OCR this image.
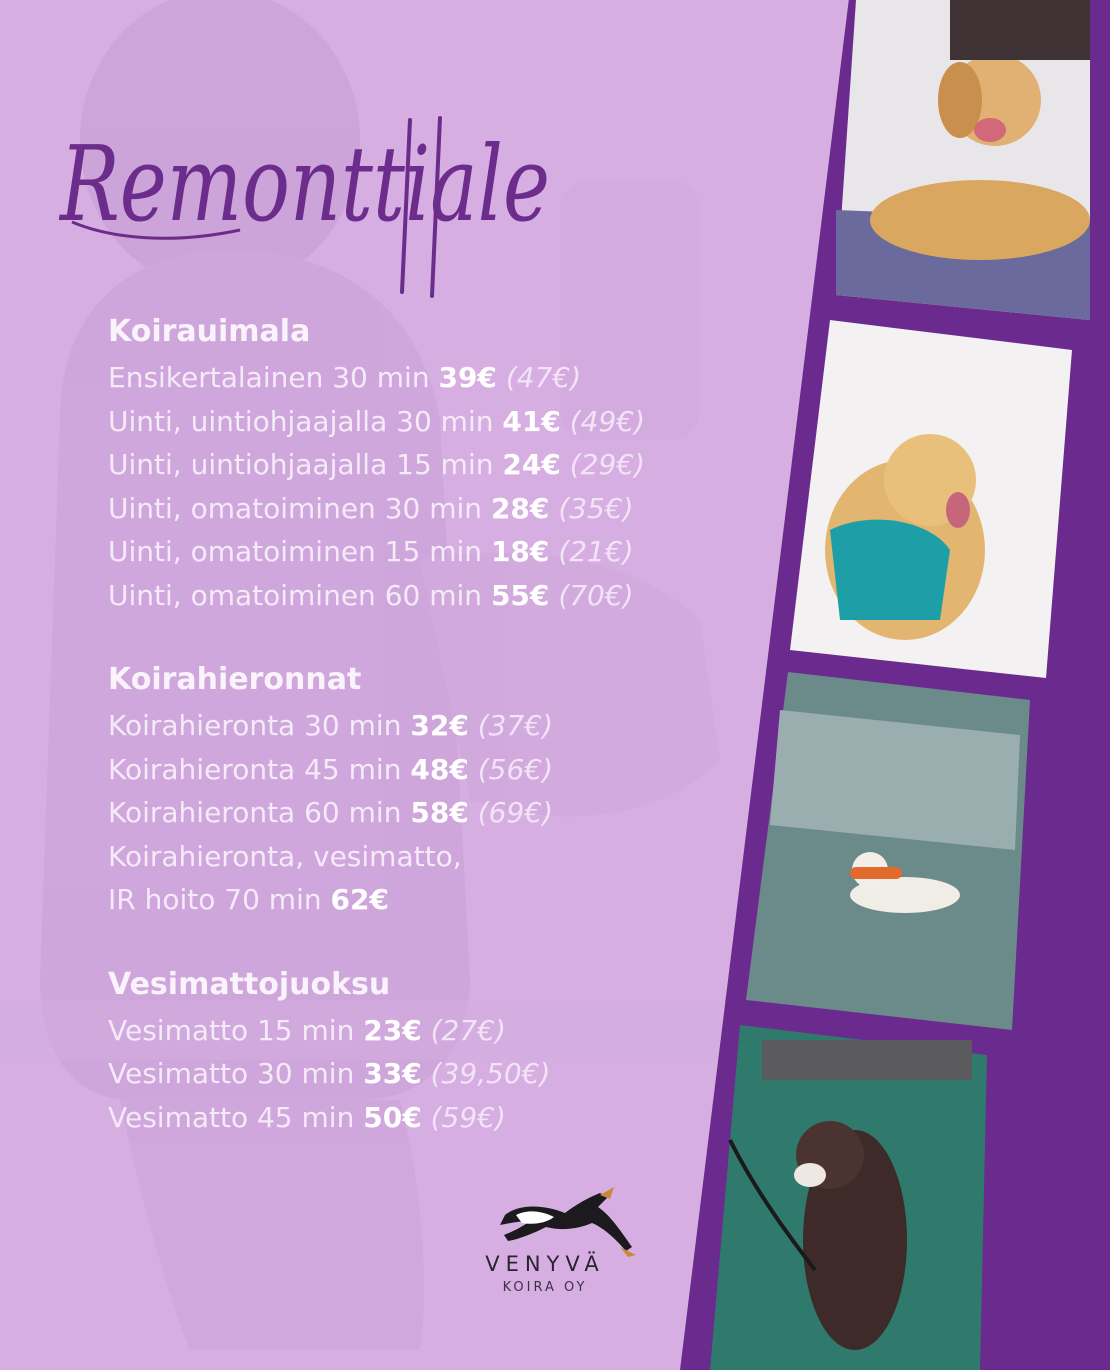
Remonttiale
Koirauimala
Ensikertalainen 30 min 39€ (47€)
Uinti, uintiohjaajalla 30 min 41€ (49€)
Uinti, uintiohjaajalla 15 min 24€ (29€)
Uinti, omatoiminen 30 min 28€ (35€)
Uinti, omatoiminen 15 min 18€ (21€)
Uinti, omatoiminen 60 min 55€ (70€)
Koirahieronnat
Koirahieronta 30 min 32€ (37€)
Koirahieronta 45 min 48€ (56€)
Koirahieronta 60 min 58€ (69€)
Koirahieronta, vesimatto,
IR hoito 70 min 62€
Vesimattojuoksu
Vesimatto 15 min 23€ (27€)
Vesimatto 30 min 33€ (39,50€)
Vesimatto 45 min 50€ (59€)
VENYVÄ
KOIRA OY
